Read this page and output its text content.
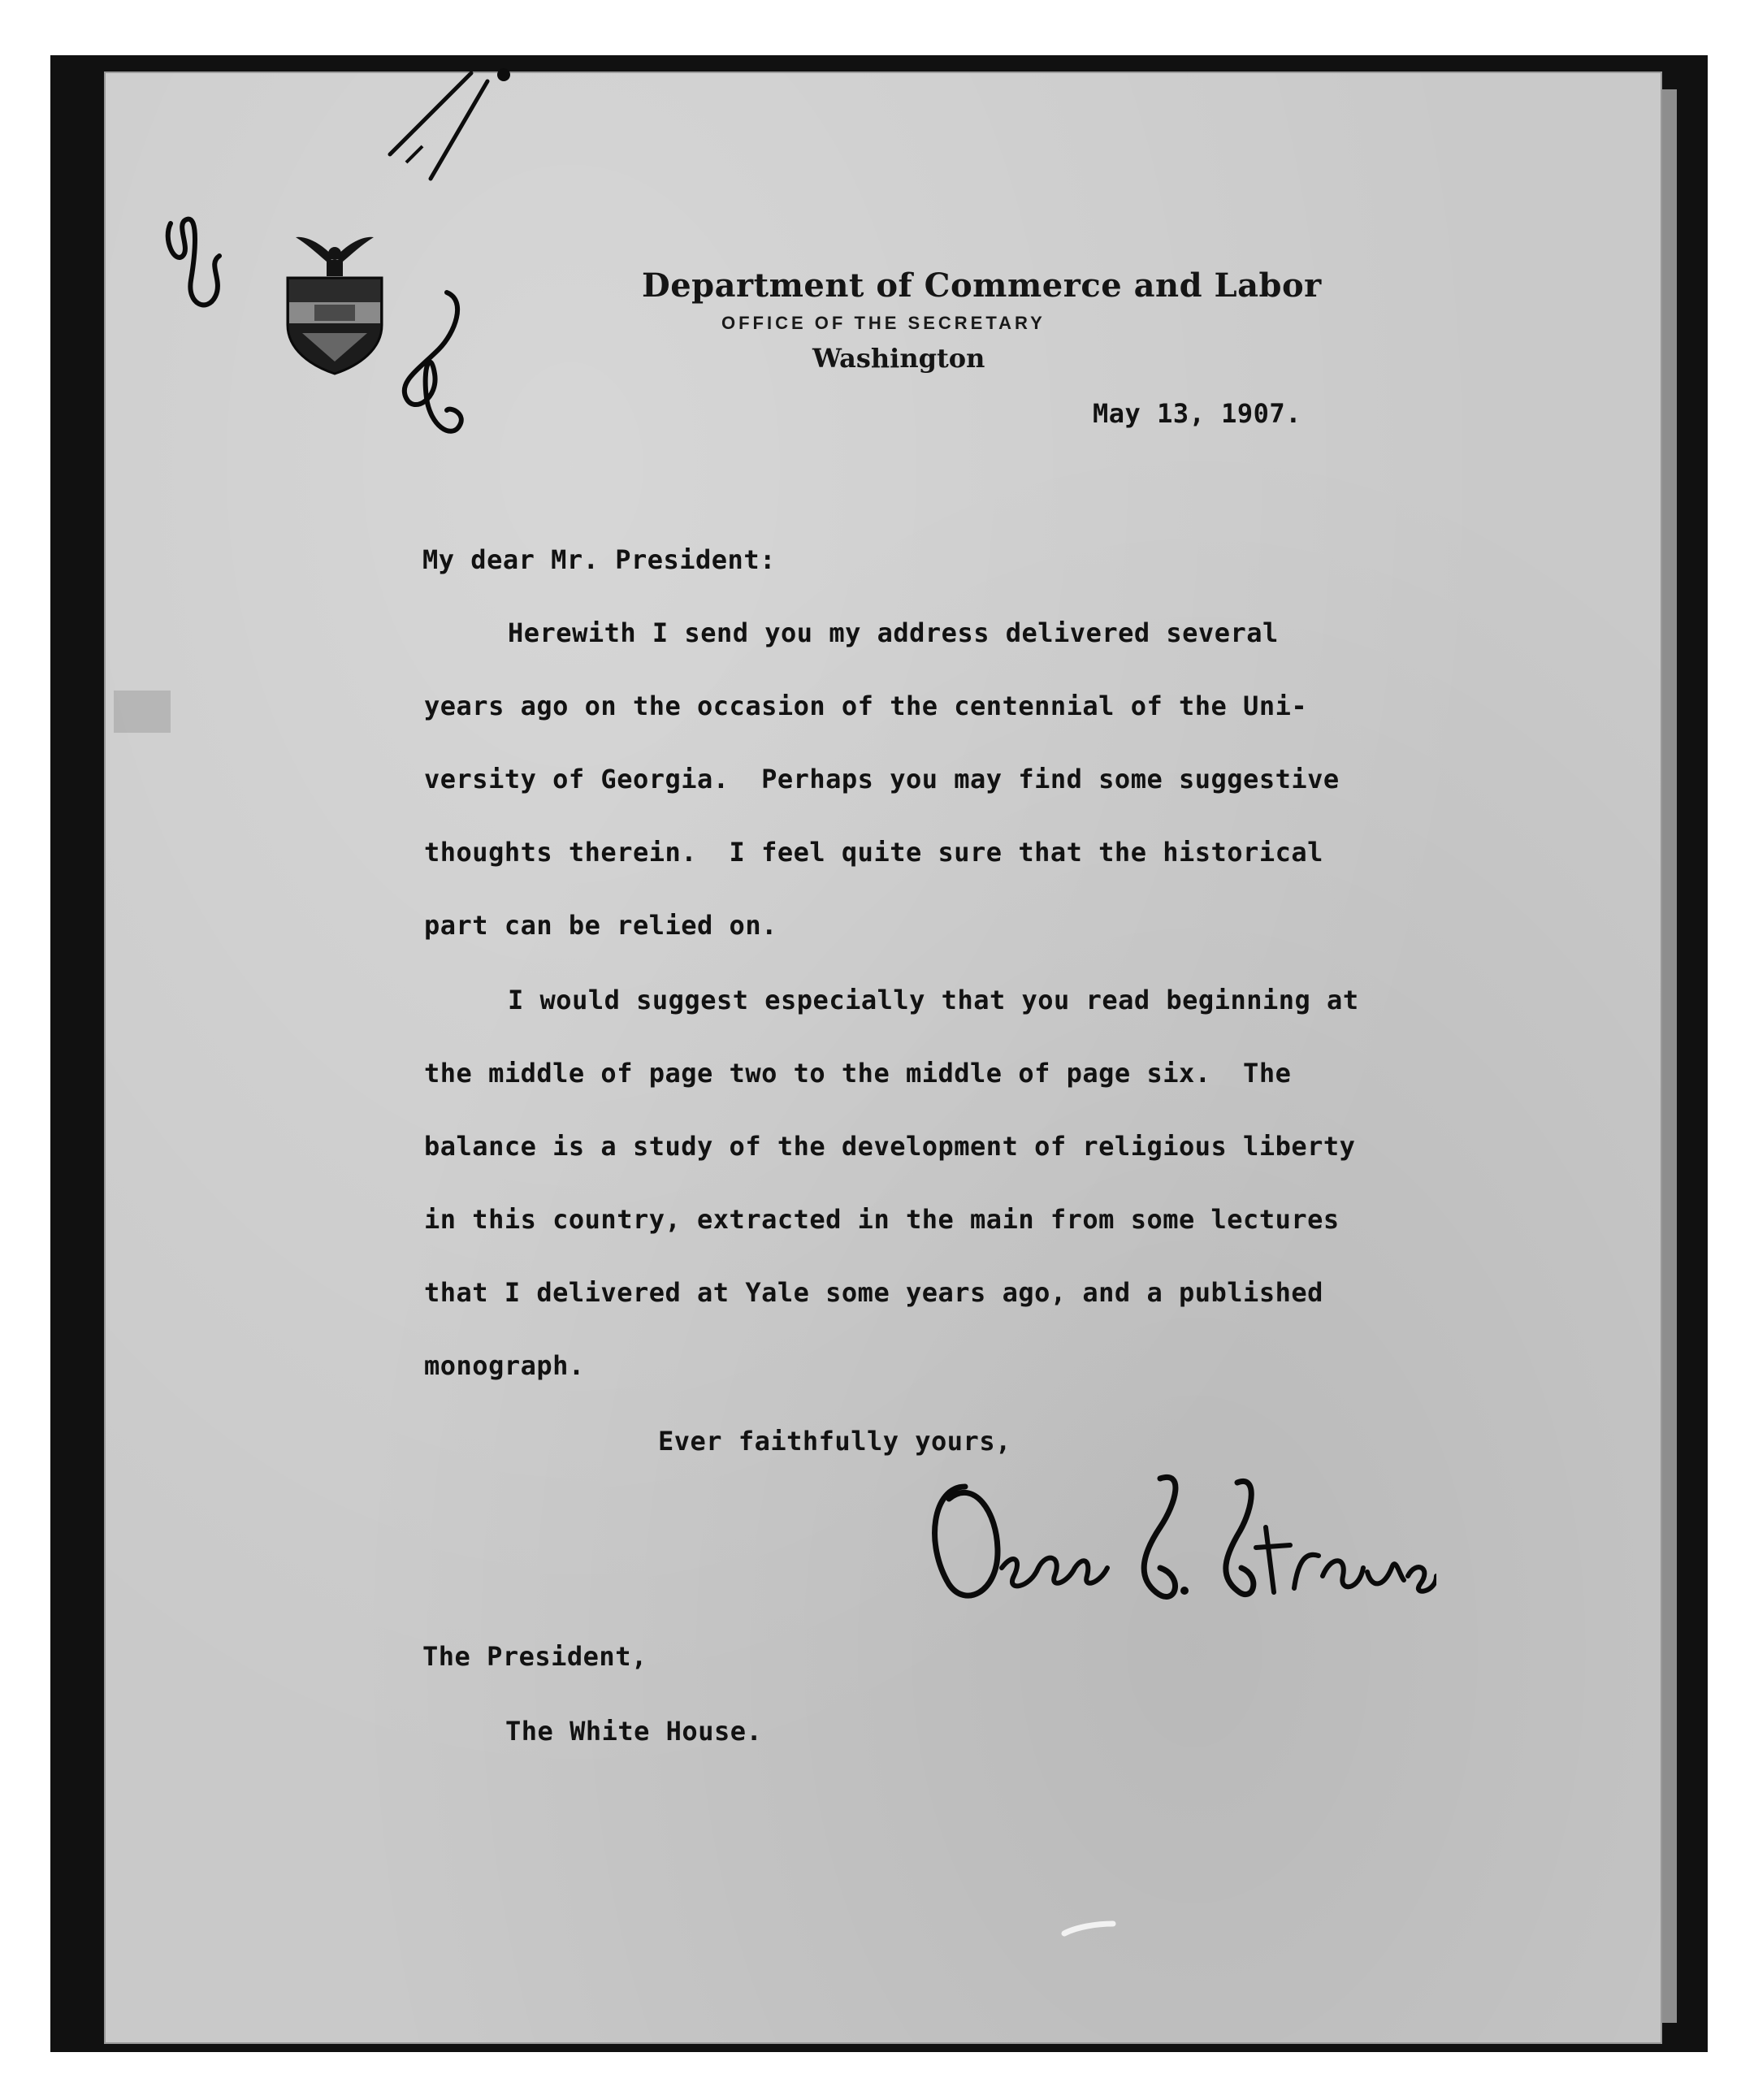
Department of Commerce and Labor
OFFICE OF THE SECRETARY
Washington
May 13, 1907.
My dear Mr. President:
Herewith I send you my address delivered several
years ago on the occasion of the centennial of the Uni-
versity of Georgia.  Perhaps you may find some suggestive
thoughts therein.  I feel quite sure that the historical
part can be relied on.
I would suggest especially that you read beginning at
the middle of page two to the middle of page six.  The
balance is a study of the development of religious liberty
in this country, extracted in the main from some lectures
that I delivered at Yale some years ago, and a published
monograph.
Ever faithfully yours,
The President,
The White House.
